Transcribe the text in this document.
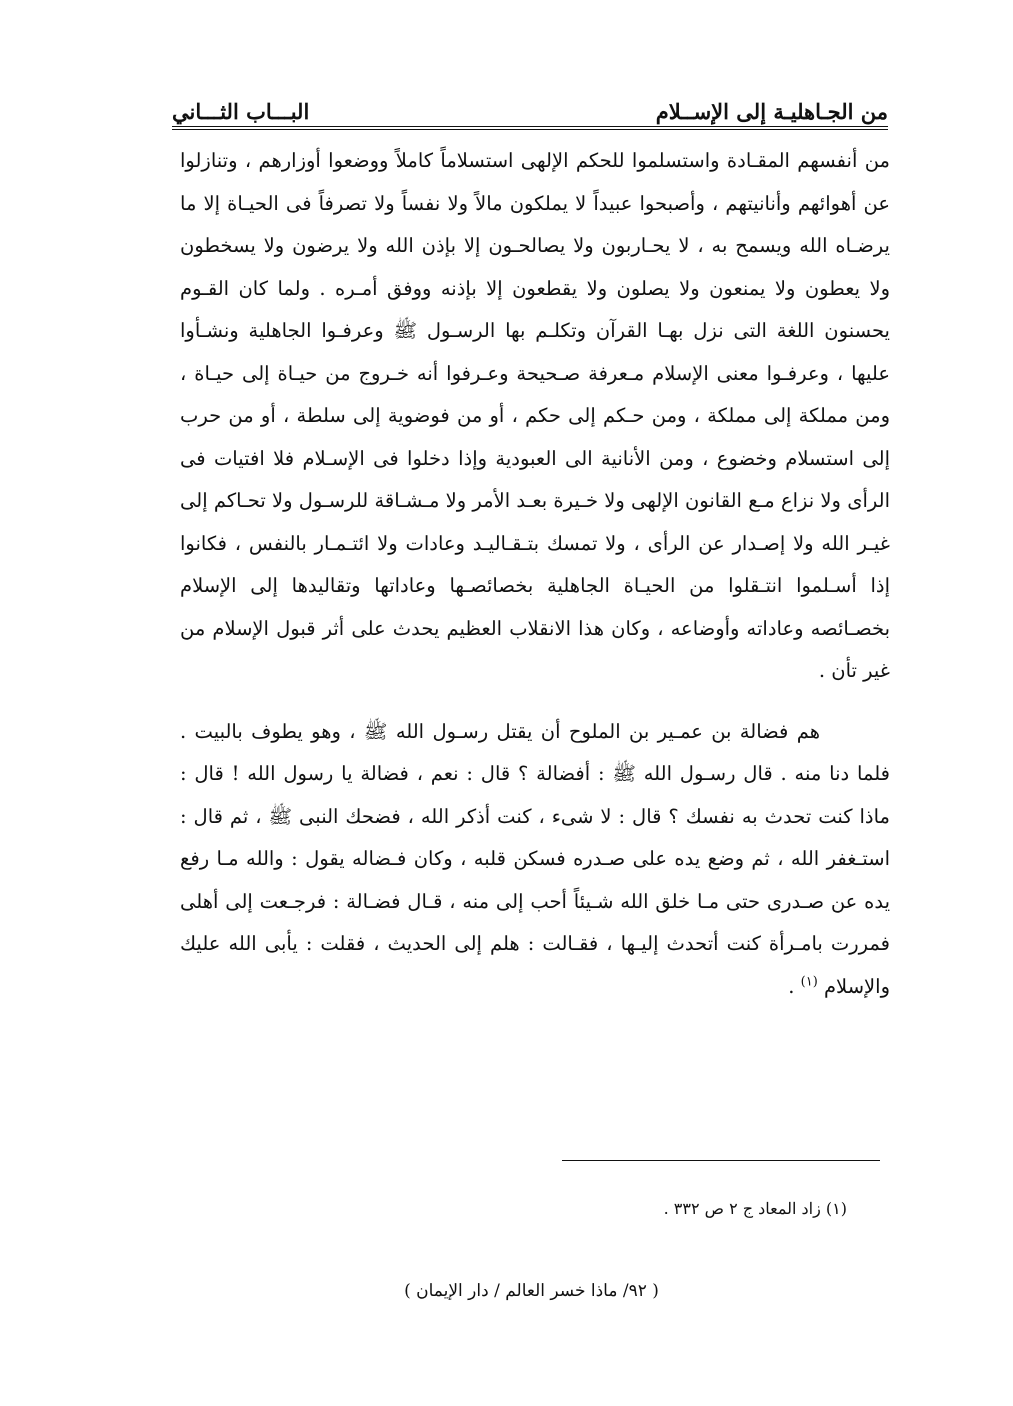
من الجـاهليـة إلى الإســلام
البـــاب الثـــاني

من أنفسهم المقـادة واستسلموا للحكم الإلهى استسلاماً كاملاً ووضعوا أوزارهم ، وتنازلوا عن أهوائهم وأنانيتهم ، وأصبحوا عبيداً لا يملكون مالاً ولا نفساً ولا تصرفاً فى الحيـاة إلا ما يرضـاه الله ويسمح به ، لا يحـاربون ولا يصالحـون إلا بإذن الله ولا يرضون ولا يسخطون ولا يعطون ولا يمنعون ولا يصلون ولا يقطعون إلا بإذنه ووفق أمـره . ولما كان القـوم يحسنون اللغة التى نزل بهـا القرآن وتكلـم بها الرسـول ﷺ وعرفـوا الجاهلية ونشـأوا عليها ، وعرفـوا معنى الإسلام مـعرفة صـحيحة وعـرفوا أنه خـروج من حيـاة إلى حيـاة ، ومن مملكة إلى مملكة ، ومن حـكم إلى حكم ، أو من فوضوية إلى سلطة ، أو من حرب إلى استسلام وخضوع ، ومن الأنانية الى العبودية وإذا دخلوا فى الإسـلام فلا افتيات فى الرأى ولا نزاع مـع القانون الإلهى ولا خـيرة بعـد الأمر ولا مـشـاقة للرسـول ولا تحـاكم إلى غيـر الله ولا إصـدار عن الرأى ، ولا تمسك بتـقـاليـد وعادات ولا ائتـمـار بالنفس ، فكانوا إذا أسـلموا انتـقلوا من الحيـاة الجاهلية بخصائصـها وعاداتها وتقاليدها إلى الإسلام بخصـائصه وعاداته وأوضاعه ، وكان هذا الانقلاب العظيم يحدث على أثر قبول الإسلام من غير تأن .

هم فضالة بن عمـير بن الملوح أن يقتل رسـول الله ﷺ ، وهو يطوف بالبيت . فلما دنا منه . قال رسـول الله ﷺ : أفضالة ؟ قال : نعم ، فضالة يا رسول الله ! قال : ماذا كنت تحدث به نفسك ؟ قال : لا شىء ، كنت أذكر الله ، فضحك النبى ﷺ ، ثم قال : استـغفر الله ، ثم وضع يده على صـدره فسكن قلبه ، وكان فـضاله يقول : والله مـا رفع يده عن صـدرى حتى مـا خلق الله شـيئاً أحب إلى منه ، قـال فضـالة : فرجـعت إلى أهلى فمررت بامـرأة كنت أتحدث إليـها ، فقـالت : هلم إلى الحديث ، فقلت : يأبى الله عليك والإسلام $^{(١)}$ .

(١) زاد المعاد ج ٢ ص ٣٣٢ .
( ٩٢/ ماذا خسر العالم / دار الإيمان )
